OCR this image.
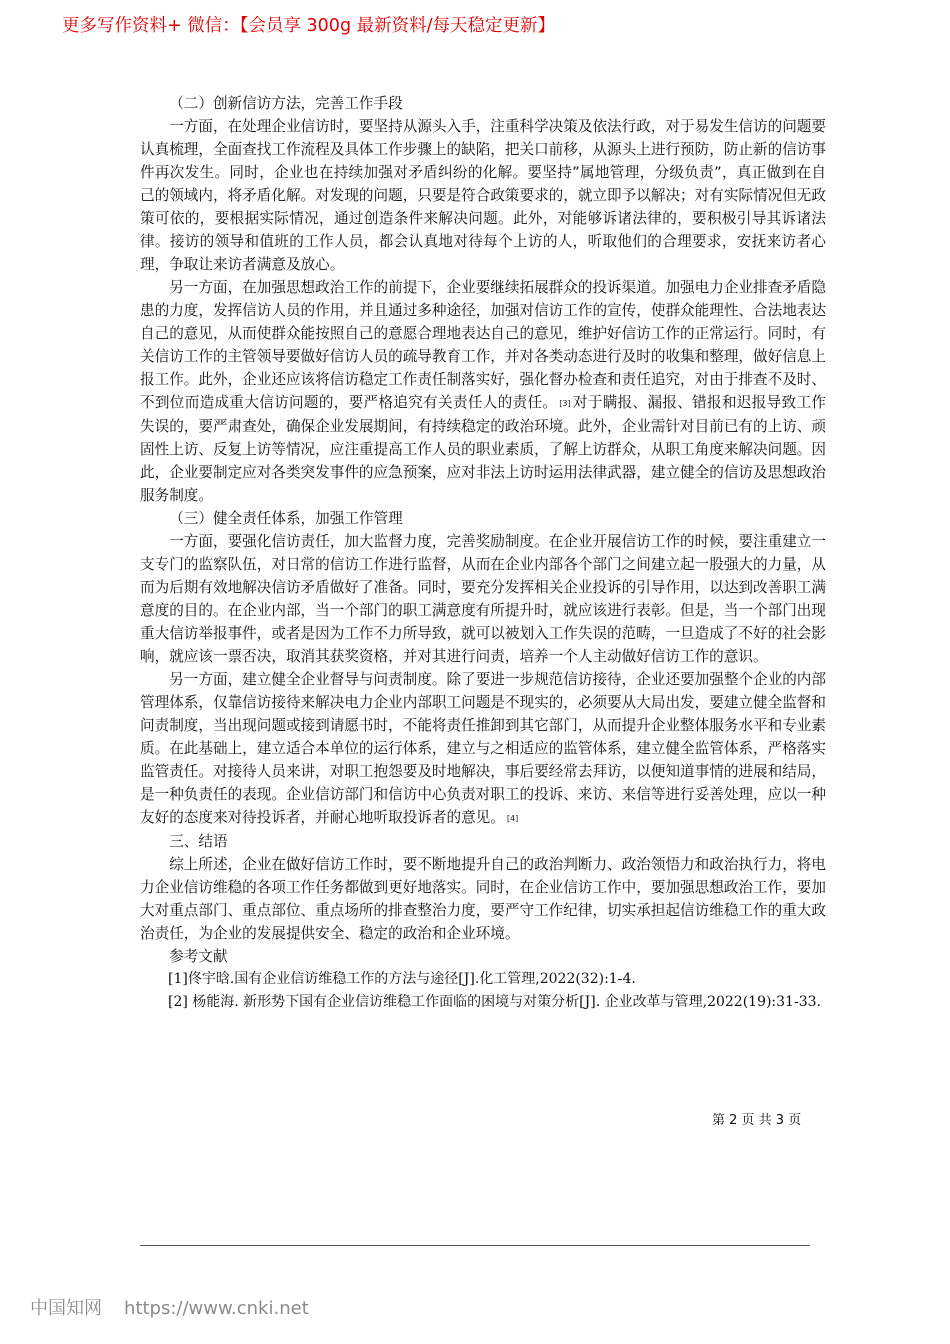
更多写作资料+ 微信：【会员享 300g 最新资料/每天稳定更新】

（二）创新信访方法，完善工作手段

一方面，在处理企业信访时，要坚持从源头入手，注重科学决策及依法行政，对于易发生信访的问题要认真梳理，全面查找工作流程及具体工作步骤上的缺陷，把关口前移，从源头上进行预防，防止新的信访事件再次发生。同时，企业也在持续加强对矛盾纠纷的化解。要坚持”属地管理，分级负责”，真正做到在自己的领域内，将矛盾化解。对发现的问题，只要是符合政策要求的，就立即予以解决；对有实际情况但无政策可依的，要根据实际情况，通过创造条件来解决问题。此外，对能够诉诸法律的，要积极引导其诉诸法律。接访的领导和值班的工作人员，都会认真地对待每个上访的人，听取他们的合理要求，安抚来访者心理，争取让来访者满意及放心。

另一方面，在加强思想政治工作的前提下，企业要继续拓展群众的投诉渠道。加强电力企业排查矛盾隐患的力度，发挥信访人员的作用，并且通过多种途径，加强对信访工作的宣传，使群众能理性、合法地表达自己的意见，从而使群众能按照自己的意愿合理地表达自己的意见，维护好信访工作的正常运行。同时，有关信访工作的主管领导要做好信访人员的疏导教育工作，并对各类动态进行及时的收集和整理，做好信息上报工作。此外，企业还应该将信访稳定工作责任制落实好，强化督办检查和责任追究，对由于排查不及时、不到位而造成重大信访问题的，要严格追究有关责任人的责任。 [3] 对于瞒报、漏报、错报和迟报导致工作失误的，要严肃查处，确保企业发展期间，有持续稳定的政治环境。此外，企业需针对目前已有的上访、顽固性上访、反复上访等情况，应注重提高工作人员的职业素质，了解上访群众，从职工角度来解决问题。因此，企业要制定应对各类突发事件的应急预案，应对非法上访时运用法律武器，建立健全的信访及思想政治服务制度。

（三）健全责任体系，加强工作管理

一方面，要强化信访责任，加大监督力度，完善奖励制度。在企业开展信访工作的时候，要注重建立一支专门的监察队伍，对日常的信访工作进行监督，从而在企业内部各个部门之间建立起一股强大的力量，从而为后期有效地解决信访矛盾做好了准备。同时，要充分发挥相关企业投诉的引导作用，以达到改善职工满意度的目的。在企业内部，当一个部门的职工满意度有所提升时，就应该进行表彰。但是，当一个部门出现重大信访举报事件，或者是因为工作不力所导致，就可以被划入工作失误的范畴，一旦造成了不好的社会影响，就应该一票否决，取消其获奖资格，并对其进行问责，培养一个人主动做好信访工作的意识。

另一方面，建立健全企业督导与问责制度。除了要进一步规范信访接待，企业还要加强整个企业的内部管理体系，仅靠信访接待来解决电力企业内部职工问题是不现实的，必须要从大局出发，要建立健全监督和问责制度，当出现问题或接到请愿书时，不能将责任推卸到其它部门，从而提升企业整体服务水平和专业素质。在此基础上，建立适合本单位的运行体系，建立与之相适应的监管体系，建立健全监管体系，严格落实监管责任。对接待人员来讲，对职工抱怨要及时地解决，事后要经常去拜访，以便知道事情的进展和结局，是一种负责任的表现。企业信访部门和信访中心负责对职工的投诉、来访、来信等进行妥善处理，应以一种友好的态度来对待投诉者，并耐心地听取投诉者的意见。 [4]

三、结语

综上所述，企业在做好信访工作时，要不断地提升自己的政治判断力、政治领悟力和政治执行力，将电力企业信访维稳的各项工作任务都做到更好地落实。同时，在企业信访工作中，要加强思想政治工作，要加大对重点部门、重点部位、重点场所的排查整治力度，要严守工作纪律，切实承担起信访维稳工作的重大政治责任，为企业的发展提供安全、稳定的政治和企业环境。

参考文献

[1]佟宇晗.国有企业信访维稳工作的方法与途径[J].化工管理,2022(32):1-4.

[2] 杨能海. 新形势下国有企业信访维稳工作面临的困境与对策分析[J]. 企业改革与管理,2022(19):31-33.

第 2 页 共 3 页
中国知网 https://www.cnki.net
